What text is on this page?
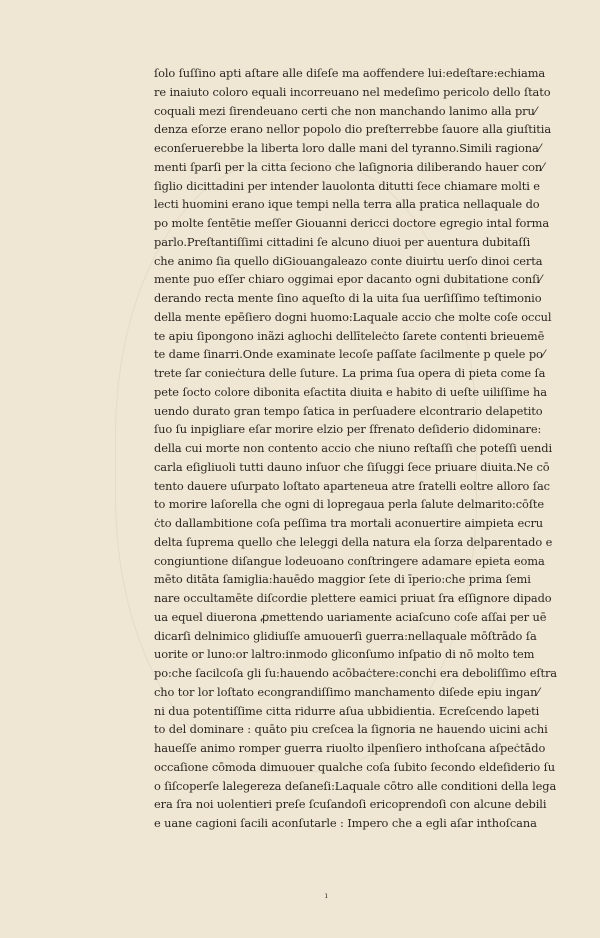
ſolo ſuſſino apti aſtare alle diſeſe ma aoffendere luiːedeſtare:echiama
re inaiuto coloro equali incorreuano nel medeſimo pericolo dello ſtato
coquali mezi ſirendeuano certi che non manchando lanimo alla pru⁄
denza eſorze erano nellor popolo dio preſterrebbe ſauore alla giuſtitia
econſeruerebbe la liberta loro dalle mani del tyranno.Simili ragiona⁄
menti ſparſi per la citta ſeciono che laſignoria diliberando hauer con⁄
ſiglio dicittadini per intender lauolonta ditutti ſece chiamare molti e
lecti huomini erano ique tempi nella terra alla pratica nellaquale do
po molte ſentētie meſſer Giouanni dericci doctore egregio intal forma
parlo.Preſtantiſſimi cittadini ſe alcuno diuoi per auentura dubitaſſi
che animo ſia quello diGiouangaleazo conte diuirtu uerſo dinoi certa
mente puo eſſer chiaro oggimai epor dacanto ogni dubitatione conſi⁄
derando recta mente ſino aqueſto di la uita ſua uerſiſſimo teſtimonio
della mente epēſiero dogni huomo:Laquale accio che molte coſe occul
te apiu ſipongono inãzi aglıochi dellīteleċto ſarete contenti brieuemē
te dame ſinarri.Onde examinate lecoſe paſſate ſacilmente p quele po⁄
trete ſar conieċtura delle ſuture. La prima ſua opera di pieta come ſa
pete ſocto colore dibonita eſactita diuita e habito di ueſte uiliſſime ha
uendo durato gran tempo ſatica in perſuadere elcontrario delapetito
ſuo ſu inpigliare eſar morire elzio per ſfrenato deſiderio didominare:
della cui morte non contento accio che niuno reſtaſſi che poteſſi uendi
carla eſigliuoli tutti dauno inſuor che ſiſuggi ſece priuare diuita.Ne cō
tento dauere uſurpato loſtato aparteneua atre ſratelli eoltre alloro ſac
to morire laſorella che ogni di lopregaua perla ſalute delmarito:cōſte
ċto dallambitione coſa peſſima tra mortali aconuertire aimpieta ecru
delta ſuprema quello che leleggi della natura ela ſorza delparentado e
congiuntione diſangue lodeuoano conſtringere adamare epieta eoma
mēto ditāta ſamiglia:hauēdo maggior ſete di īperio:che prima ſemi
nare occultamēte diſcordie plettere eamici priuat ſra eſſignore dipado
ua equel diuerona ꝓmettendo uariamente aciaſcuno coſe aſſai per uē
dicarſi delnimico glidiuſſe amuouerſi guerra:nellaquale mōſtrādo ſa
uorite or luno:or laltro:inmodo gliconſumo inſpatio di nō molto tem
po:che ſacilcoſa gli ſu:hauendo acōbaċtere:conchi era deboliſſimo eſtra
cho tor lor loſtato econgrandiſſimo manchamento diſede epiu ingan⁄
ni dua potentiſſime citta ridurre aſua ubbidientia. Ecreſcendo lapeti
to del dominare : quāto piu creſcea la ſignoria ne hauendo uicini achi
haueſſe animo romper guerra riuolto ilpenſiero inthoſcana aſpeċtādo
occaſione cōmoda dimuouer qualche coſa ſubito ſecondo eldeſiderio ſu
o ſiſcoperſe lalegereza deſaneſi:Laquale cōtro alle conditioni della lega
era ſra noi uolentieri preſe ſcuſandoſi ericoprendoſi con alcune debili
e uane cagioni ſacili aconſutarle : Impero che a egli aſar inthoſcana
ı
